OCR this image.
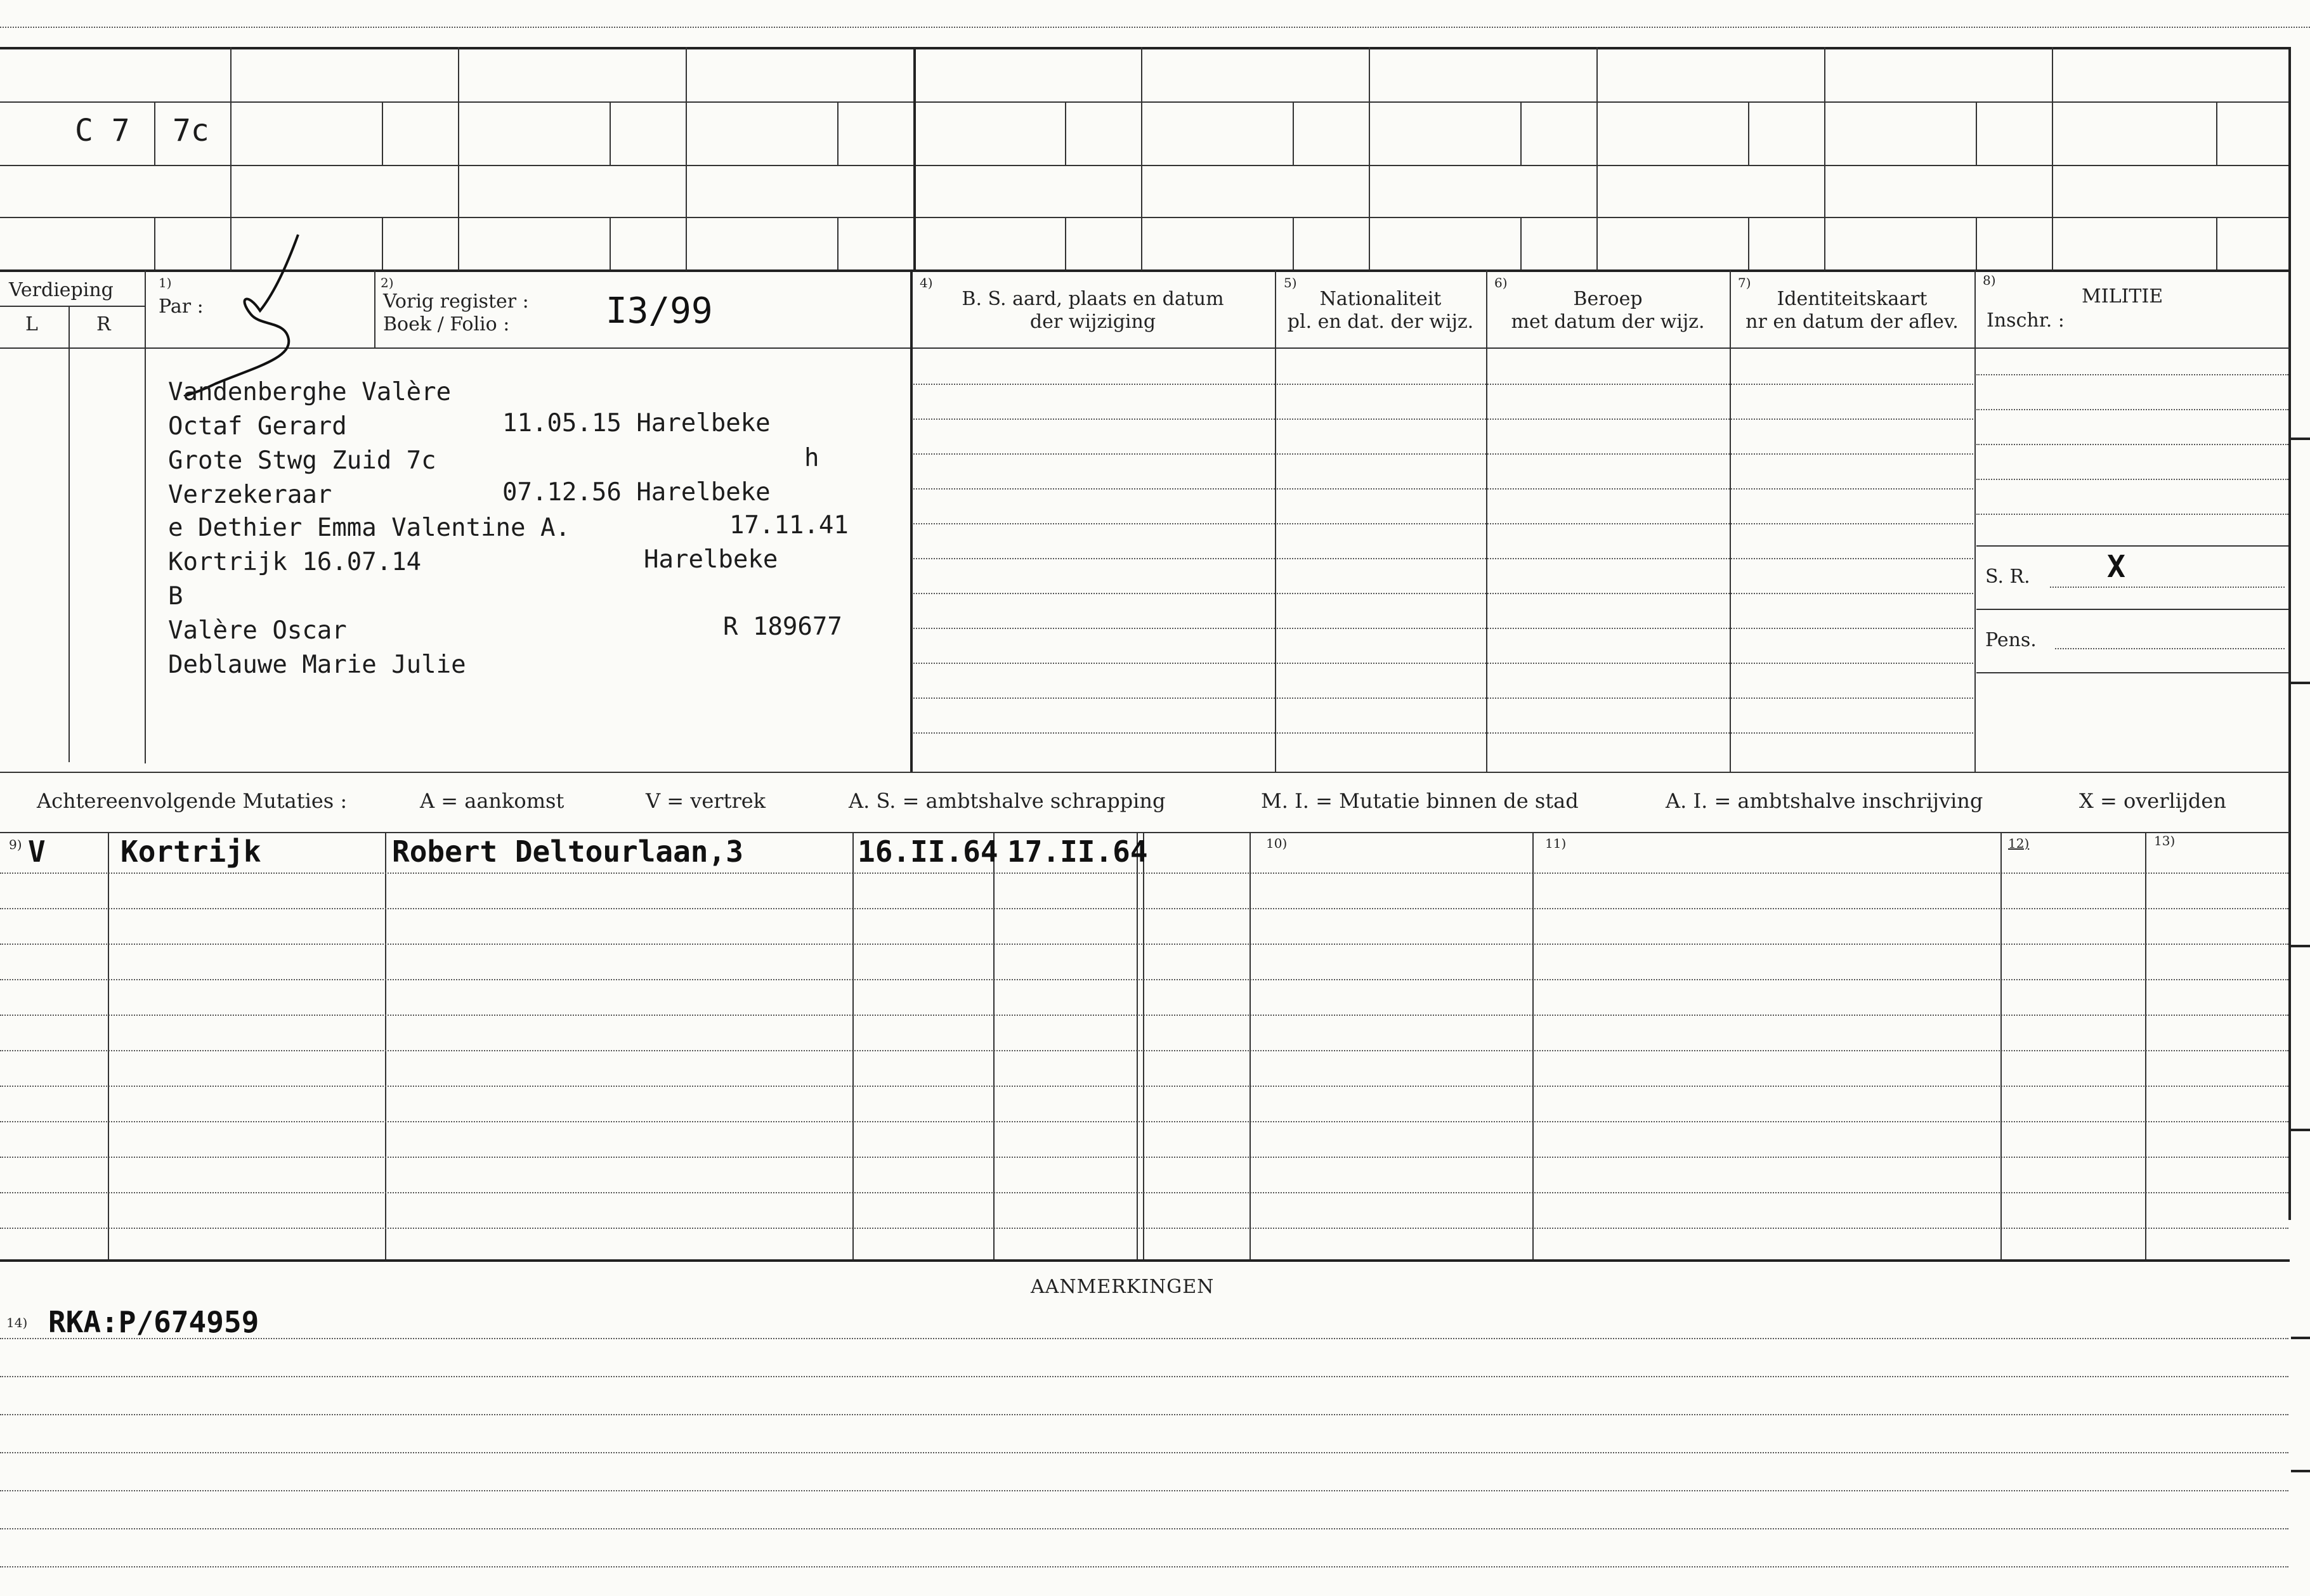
C 7 7c
Verdieping
L	R
1)
Par :
2)
Vorig register :
Boek / Folio :	I3/99
4)
B. S. aard, plaats en datum
der wijziging
5)
Nationaliteit
pl. en dat. der wijz.
6)
Beroep
met datum der wijz.
7)
Identiteitskaart
nr en datum der aflev.
8)
MILITIE
Inschr. :
S. R.	X
Pens.
Vandenberghe Valère
Octaf Gerard	11.05.15 Harelbeke
Grote Stwg Zuid 7c	h
Verzekeraar	07.12.56 Harelbeke
e Dethier Emma Valentine A.	17.11.41
Kortrijk 16.07.14	Harelbeke
B
Valère Oscar	R 189677
Deblauwe Marie Julie
Achtereenvolgende Mutaties :	A = aankomst	V = vertrek	A. S. = ambtshalve schrapping	M. I. = Mutatie binnen de stad	A. I. = ambtshalve inschrijving	X = overlijden
9) V	Kortrijk	Robert Deltourlaan,3	16.II.64 17.II.64	10)	11)	12)	13)
AANMERKINGEN
14) RKA:P/674959
